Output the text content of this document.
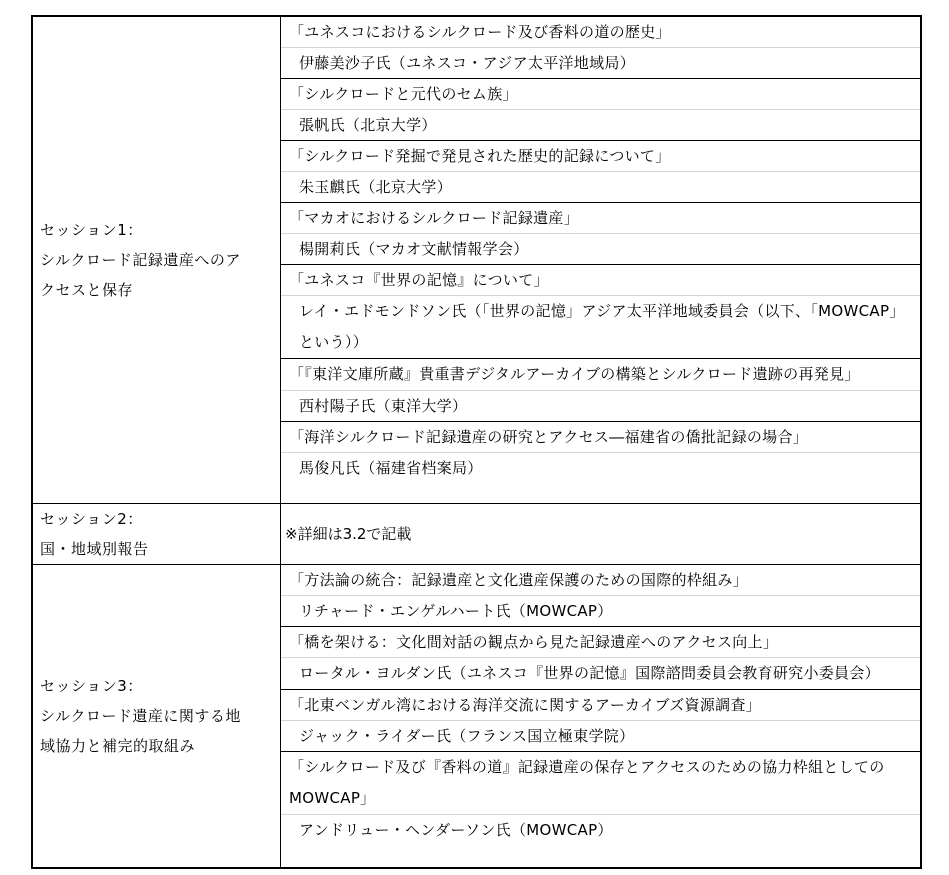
セッション1：
シルクロード記録遺産へのア
クセスと保存
「ユネスコにおけるシルクロード及び香料の道の歴史」
伊藤美沙子氏（ユネスコ・アジア太平洋地域局）
「シルクロードと元代のセム族」
張帆氏（北京大学）
「シルクロード発掘で発見された歴史的記録について」
朱玉麒氏（北京大学）
「マカオにおけるシルクロード記録遺産」
楊開莉氏（マカオ文献情報学会）
「ユネスコ『世界の記憶』について」
レイ・エドモンドソン氏（「世界の記憶」アジア太平洋地域委員会（以下、「MOWCAP」という））
「『東洋文庫所蔵』貴重書デジタルアーカイブの構築とシルクロード遺跡の再発見」
西村陽子氏（東洋大学）
「海洋シルクロード記録遺産の研究とアクセス―福建省の僑批記録の場合」
馬俊凡氏（福建省档案局）
セッション2：
国・地域別報告
※詳細は3.2で記載
セッション3：
シルクロード遺産に関する地
域協力と補完的取組み
「方法論の統合：記録遺産と文化遺産保護のための国際的枠組み」
リチャード・エンゲルハート氏（MOWCAP）
「橋を架ける：文化間対話の観点から見た記録遺産へのアクセス向上」
ロータル・ヨルダン氏（ユネスコ『世界の記憶』国際諮問委員会教育研究小委員会）
「北東ベンガル湾における海洋交流に関するアーカイブズ資源調査」
ジャック・ライダー氏（フランス国立極東学院）
「シルクロード及び『香料の道』記録遺産の保存とアクセスのための協力枠組としてのMOWCAP」
アンドリュー・ヘンダーソン氏（MOWCAP）
